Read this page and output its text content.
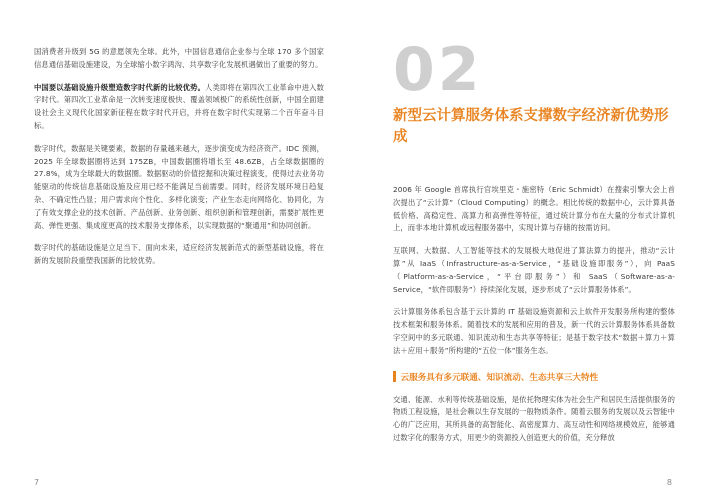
国消费者升级到 5G 的意愿领先全球。此外，中国信息通信企业参与全球 170 多个国家信息通信基础设施建设，为全球缩小数字鸿沟、共享数字化发展机遇做出了重要的努力。

中国要以基础设施升级塑造数字时代新的比较优势。人类即将在第四次工业革命中进入数字时代。第四次工业革命是一次转变速度极快、覆盖领域极广的系统性创新，中国全面建设社会主义现代化国家新征程在数字时代开启，并将在数字时代实现第二个百年奋斗目标。

数字时代，数据是关键要素，数据的存量越来越大，逐步演变成为经济资产。IDC 预测，2025 年全球数据圈将达到 175ZB，中国数据圈将增长至 48.6ZB，占全球数据圈的 27.8%，成为全球最大的数据圈。数据驱动的价值挖掘和决策过程演变，使得过去业务功能驱动的传统信息基础设施及应用已经不能满足当前需要。同时，经济发展环境日趋复杂、不确定性凸显；用户需求向个性化、多样化演变；产业生态走向网络化、协同化，为了有效支撑企业的技术创新、产品创新、业务创新、组织创新和管理创新，需要扩展性更高、弹性更强、集成度更高的技术服务支撑体系，以实现数据的“聚通用”和协同创新。

数字时代的基础设施是立足当下、面向未来，适应经济发展新范式的新型基础设施，将在新的发展阶段重塑我国新的比较优势。

7
02
新型云计算服务体系支撑数字经济新优势形成

2006 年 Google 首席执行官埃里克・施密特（Eric Schmidt）在搜索引擎大会上首次提出了“云计算”（Cloud Computing）的概念。相比传统的数据中心，云计算具备低价格、高稳定性、高算力和高弹性等特征，通过统计算分布在大量的分布式计算机上，而非本地计算机或远程服务器中，实现计算与存储的按需访问。

互联网、大数据、人工智能等技术的发展极大地促进了算法算力的提升，推动“云计算”从 IaaS（Infrastructure-as-a-Service，“基础设施即服务”），向 PaaS（Platform-as-a-Service，“平台即服务”）和 SaaS（Software-as-a-Service，“软件即服务”）持续深化发展，逐步形成了“云计算服务体系”。

云计算服务体系包含基于云计算的 IT 基础设施资源和云上软件开发服务所构建的整体技术框架和服务体系。随着技术的发展和应用的普及，新一代的云计算服务体系具备数字空间中的多元联通、知识流动和生态共享等特征；是基于数字技术“数据＋算力＋算法＋应用＋服务”所构建的“五位一体”服务生态。

云服务具有多元联通、知识流动、生态共享三大特性

交通、能源、水利等传统基础设施，是依托物理实体为社会生产和居民生活提供服务的物质工程设施，是社会赖以生存发展的一般物质条件。随着云服务的发展以及云智能中心的广泛应用，其所具备的高智能化、高密度算力、高互动性和网络规模效应，能够通过数字化的服务方式，用更少的资源投入创造更大的价值，充分释放

8
